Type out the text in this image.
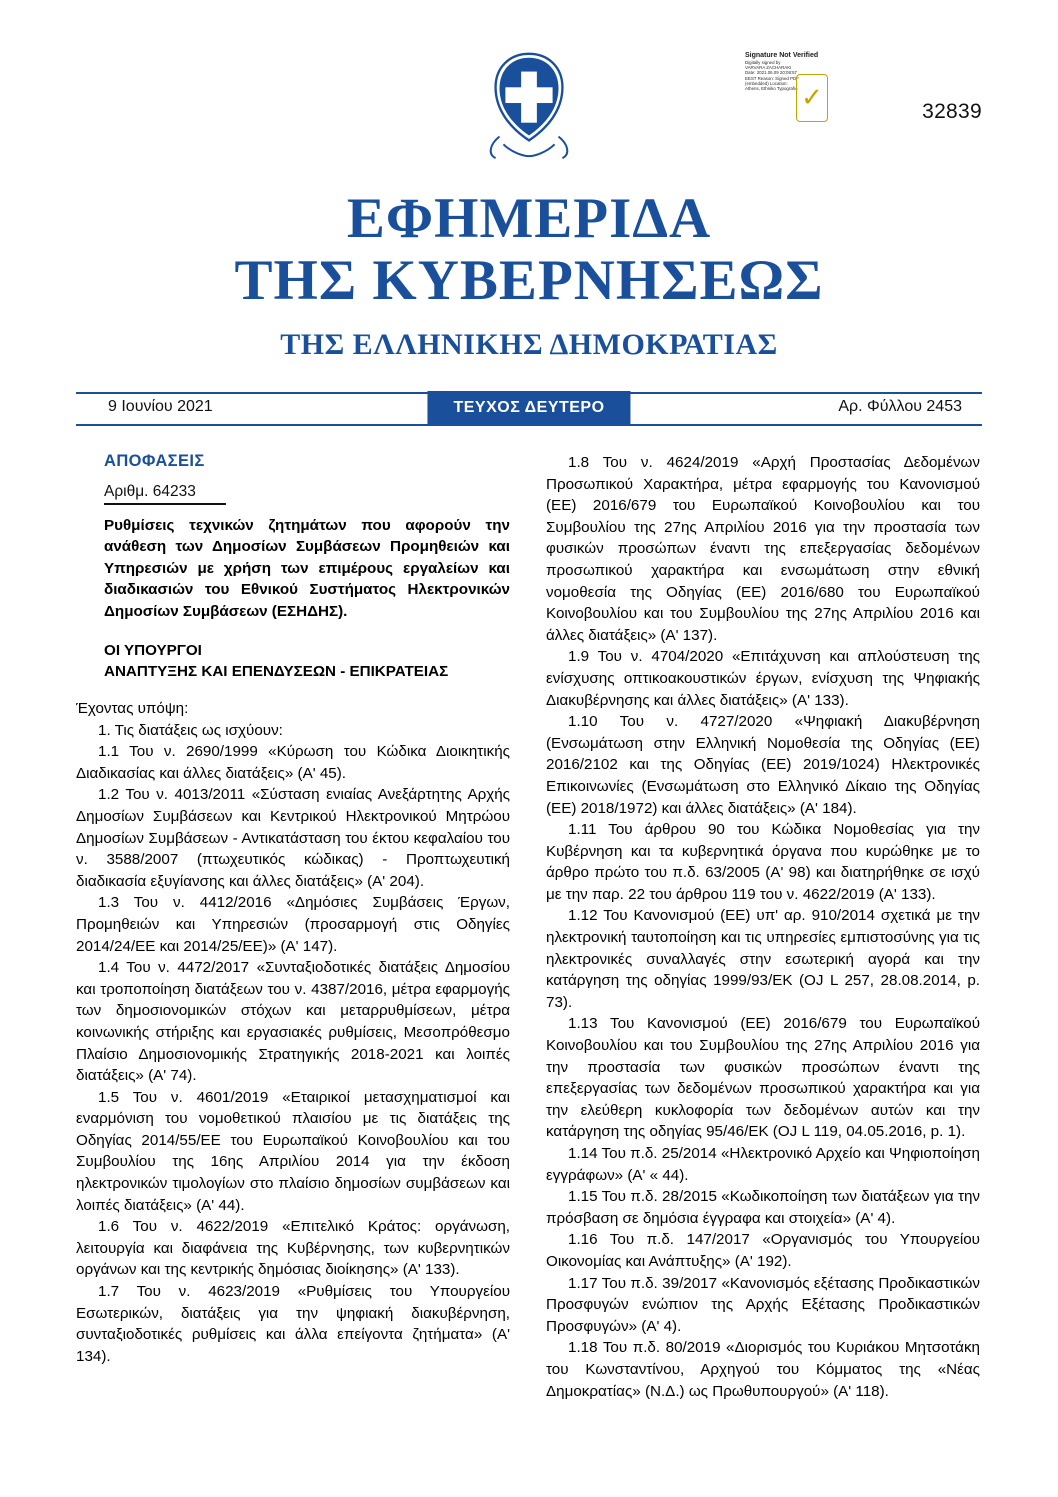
32839
Signature Not Verified
Digitally signed by VARVARA ZACHARAKI Date: 2021.06.09 20:08:57 EEST Reason: Signed PDF (embedded) Location: Athens, Ethniko Typografio ✓
ΕΦΗΜΕΡΙΔΑ
ΤΗΣ ΚΥΒΕΡΝΗΣΕΩΣ
ΤΗΣ ΕΛΛΗΝΙΚΗΣ ΔΗΜΟΚΡΑΤΙΑΣ
9 Ιουνίου 2021	ΤΕΥΧΟΣ ΔΕΥΤΕΡΟ	Αρ. Φύλλου 2453
ΑΠΟΦΑΣΕΙΣ
Αριθμ. 64233
Ρυθμίσεις τεχνικών ζητημάτων που αφορούν την ανάθεση των Δημοσίων Συμβάσεων Προμηθειών και Υπηρεσιών με χρήση των επιμέρους εργαλείων και διαδικασιών του Εθνικού Συστήματος Ηλεκτρονικών Δημοσίων Συμβάσεων (ΕΣΗΔΗΣ).
ΟΙ ΥΠΟΥΡΓΟΙ
ΑΝΑΠΤΥΞΗΣ ΚΑΙ ΕΠΕΝΔΥΣΕΩΝ - ΕΠΙΚΡΑΤΕΙΑΣ

Έχοντας υπόψη:

1. Τις διατάξεις ως ισχύουν:

1.1 Του ν. 2690/1999 «Κύρωση του Κώδικα Διοικητικής Διαδικασίας και άλλες διατάξεις» (Α' 45).

1.2 Του ν. 4013/2011 «Σύσταση ενιαίας Ανεξάρτητης Αρχής Δημοσίων Συμβάσεων και Κεντρικού Ηλεκτρονικού Μητρώου Δημοσίων Συμβάσεων - Αντικατάσταση του έκτου κεφαλαίου του ν. 3588/2007 (πτωχευτικός κώδικας) - Προπτωχευτική διαδικασία εξυγίανσης και άλλες διατάξεις» (Α' 204).

1.3 Του ν. 4412/2016 «Δημόσιες Συμβάσεις Έργων, Προμηθειών και Υπηρεσιών (προσαρμογή στις Οδηγίες 2014/24/ΕΕ και 2014/25/ΕΕ)» (Α' 147).

1.4 Του ν. 4472/2017 «Συνταξιοδοτικές διατάξεις Δημοσίου και τροποποίηση διατάξεων του ν. 4387/2016, μέτρα εφαρμογής των δημοσιονομικών στόχων και μεταρρυθμίσεων, μέτρα κοινωνικής στήριξης και εργασιακές ρυθμίσεις, Μεσοπρόθεσμο Πλαίσιο Δημοσιονομικής Στρατηγικής 2018-2021 και λοιπές διατάξεις» (Α' 74).

1.5 Του ν. 4601/2019 «Εταιρικοί μετασχηματισμοί και εναρμόνιση του νομοθετικού πλαισίου με τις διατάξεις της Οδηγίας 2014/55/ΕΕ του Ευρωπαϊκού Κοινοβουλίου και του Συμβουλίου της 16ης Απριλίου 2014 για την έκδοση ηλεκτρονικών τιμολογίων στο πλαίσιο δημοσίων συμβάσεων και λοιπές διατάξεις» (Α' 44).

1.6 Του ν. 4622/2019 «Επιτελικό Κράτος: οργάνωση, λειτουργία και διαφάνεια της Κυβέρνησης, των κυβερνητικών οργάνων και της κεντρικής δημόσιας διοίκησης» (Α' 133).

1.7 Του ν. 4623/2019 «Ρυθμίσεις του Υπουργείου Εσωτερικών, διατάξεις για την ψηφιακή διακυβέρνηση, συνταξιοδοτικές ρυθμίσεις και άλλα επείγοντα ζητήματα» (Α' 134).

1.8 Του ν. 4624/2019 «Αρχή Προστασίας Δεδομένων Προσωπικού Χαρακτήρα, μέτρα εφαρμογής του Κανονισμού (ΕΕ) 2016/679 του Ευρωπαϊκού Κοινοβουλίου και του Συμβουλίου της 27ης Απριλίου 2016 για την προστασία των φυσικών προσώπων έναντι της επεξεργασίας δεδομένων προσωπικού χαρακτήρα και ενσωμάτωση στην εθνική νομοθεσία της Οδηγίας (ΕΕ) 2016/680 του Ευρωπαϊκού Κοινοβουλίου και του Συμβουλίου της 27ης Απριλίου 2016 και άλλες διατάξεις» (Α' 137).

1.9 Του ν. 4704/2020 «Επιτάχυνση και απλούστευση της ενίσχυσης οπτικοακουστικών έργων, ενίσχυση της Ψηφιακής Διακυβέρνησης και άλλες διατάξεις» (Α' 133).

1.10 Του ν. 4727/2020 «Ψηφιακή Διακυβέρνηση (Ενσωμάτωση στην Ελληνική Νομοθεσία της Οδηγίας (ΕΕ) 2016/2102 και της Οδηγίας (ΕΕ) 2019/1024) Ηλεκτρονικές Επικοινωνίες (Ενσωμάτωση στο Ελληνικό Δίκαιο της Οδηγίας (ΕΕ) 2018/1972) και άλλες διατάξεις» (Α' 184).

1.11 Του άρθρου 90 του Κώδικα Νομοθεσίας για την Κυβέρνηση και τα κυβερνητικά όργανα που κυρώθηκε με το άρθρο πρώτο του π.δ. 63/2005 (Α' 98) και διατηρήθηκε σε ισχύ με την παρ. 22 του άρθρου 119 του ν. 4622/2019 (Α' 133).

1.12 Του Κανονισμού (ΕΕ) υπ' αρ. 910/2014 σχετικά με την ηλεκτρονική ταυτοποίηση και τις υπηρεσίες εμπιστοσύνης για τις ηλεκτρονικές συναλλαγές στην εσωτερική αγορά και την κατάργηση της οδηγίας 1999/93/ΕΚ (OJ L 257, 28.08.2014, p. 73).

1.13 Του Κανονισμού (ΕΕ) 2016/679 του Ευρωπαϊκού Κοινοβουλίου και του Συμβουλίου της 27ης Απριλίου 2016 για την προστασία των φυσικών προσώπων έναντι της επεξεργασίας των δεδομένων προσωπικού χαρακτήρα και για την ελεύθερη κυκλοφορία των δεδομένων αυτών και την κατάργηση της οδηγίας 95/46/ΕΚ (OJ L 119, 04.05.2016, p. 1).

1.14 Του π.δ. 25/2014 «Ηλεκτρονικό Αρχείο και Ψηφιοποίηση εγγράφων» (Α' « 44).

1.15 Του π.δ. 28/2015 «Κωδικοποίηση των διατάξεων για την πρόσβαση σε δημόσια έγγραφα και στοιχεία» (Α' 4).

1.16 Του π.δ. 147/2017 «Οργανισμός του Υπουργείου Οικονομίας και Ανάπτυξης» (Α' 192).

1.17 Του π.δ. 39/2017 «Κανονισμός εξέτασης Προδικαστικών Προσφυγών ενώπιον της Αρχής Εξέτασης Προδικαστικών Προσφυγών» (Α' 4).

1.18 Του π.δ. 80/2019 «Διορισμός του Κυριάκου Μητσοτάκη του Κωνσταντίνου, Αρχηγού του Κόμματος της «Νέας Δημοκρατίας» (Ν.Δ.) ως Πρωθυπουργού» (Α' 118).
